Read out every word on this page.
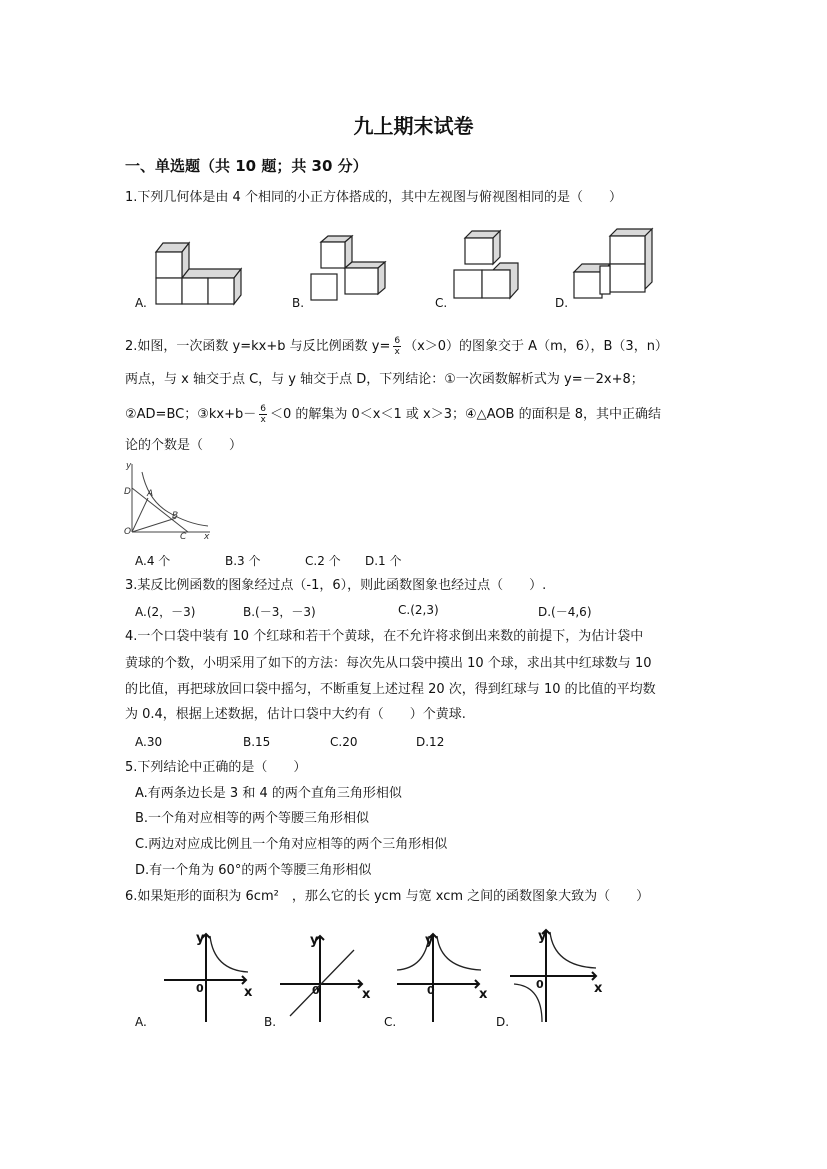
九上期末试卷
一、单选题（共 10 题；共 30 分）
1.下列几何体是由 4 个相同的小正方体搭成的，其中左视图与俯视图相同的是（　　）
A.	B.	C.	D.
2.如图，一次函数 y=kx+b 与反比例函数 $y= \frac{6}{x} (x>0)$的图象交于 A（m，6），B（3，n）
两点，与 x 轴交于点 C，与 y 轴交于点 D，下列结论：①一次函数解析式为 y=－2x+8；
②AD=BC；③kx+b－ $\frac{6}{x} <0$ 的解集为 0＜x＜1 或 x＞3；④△AOB 的面积是 8，其中正确结
论的个数是（　　）
y
D A
B
O	C x
A.4 个	B.3 个	C.2 个 D.1 个
3.某反比例函数的图象经过点（-1，6），则此函数图象也经过点（　　）.
A.(2，－3)	B.(－3，－3)	C.(2,3)	D.(－4,6)
4.一个口袋中装有 10 个红球和若干个黄球，在不允许将求倒出来数的前提下，为估计袋中
黄球的个数，小明采用了如下的方法：每次先从口袋中摸出 10 个球，求出其中红球数与 10
的比值，再把球放回口袋中摇匀，不断重复上述过程 20 次，得到红球与 10 的比值的平均数
为 0.4，根据上述数据，估计口袋中大约有（　　）个黄球.
A.30	B.15	C.20	D.12
5.下列结论中正确的是（　　）
A.有两条边长是 3 和 4 的两个直角三角形相似
B.一个角对应相等的两个等腰三角形相似
C.两边对应成比例且一个角对应相等的两个三角形相似
D.有一个角为 60°的两个等腰三角形相似
6.如果矩形的面积为 6cm²　，那么它的长 ycm 与宽 xcm 之间的函数图象大致为（　　）
y
x
0
A.
y
x
0
B.
y
x
0
C.
y
x
0
D.
